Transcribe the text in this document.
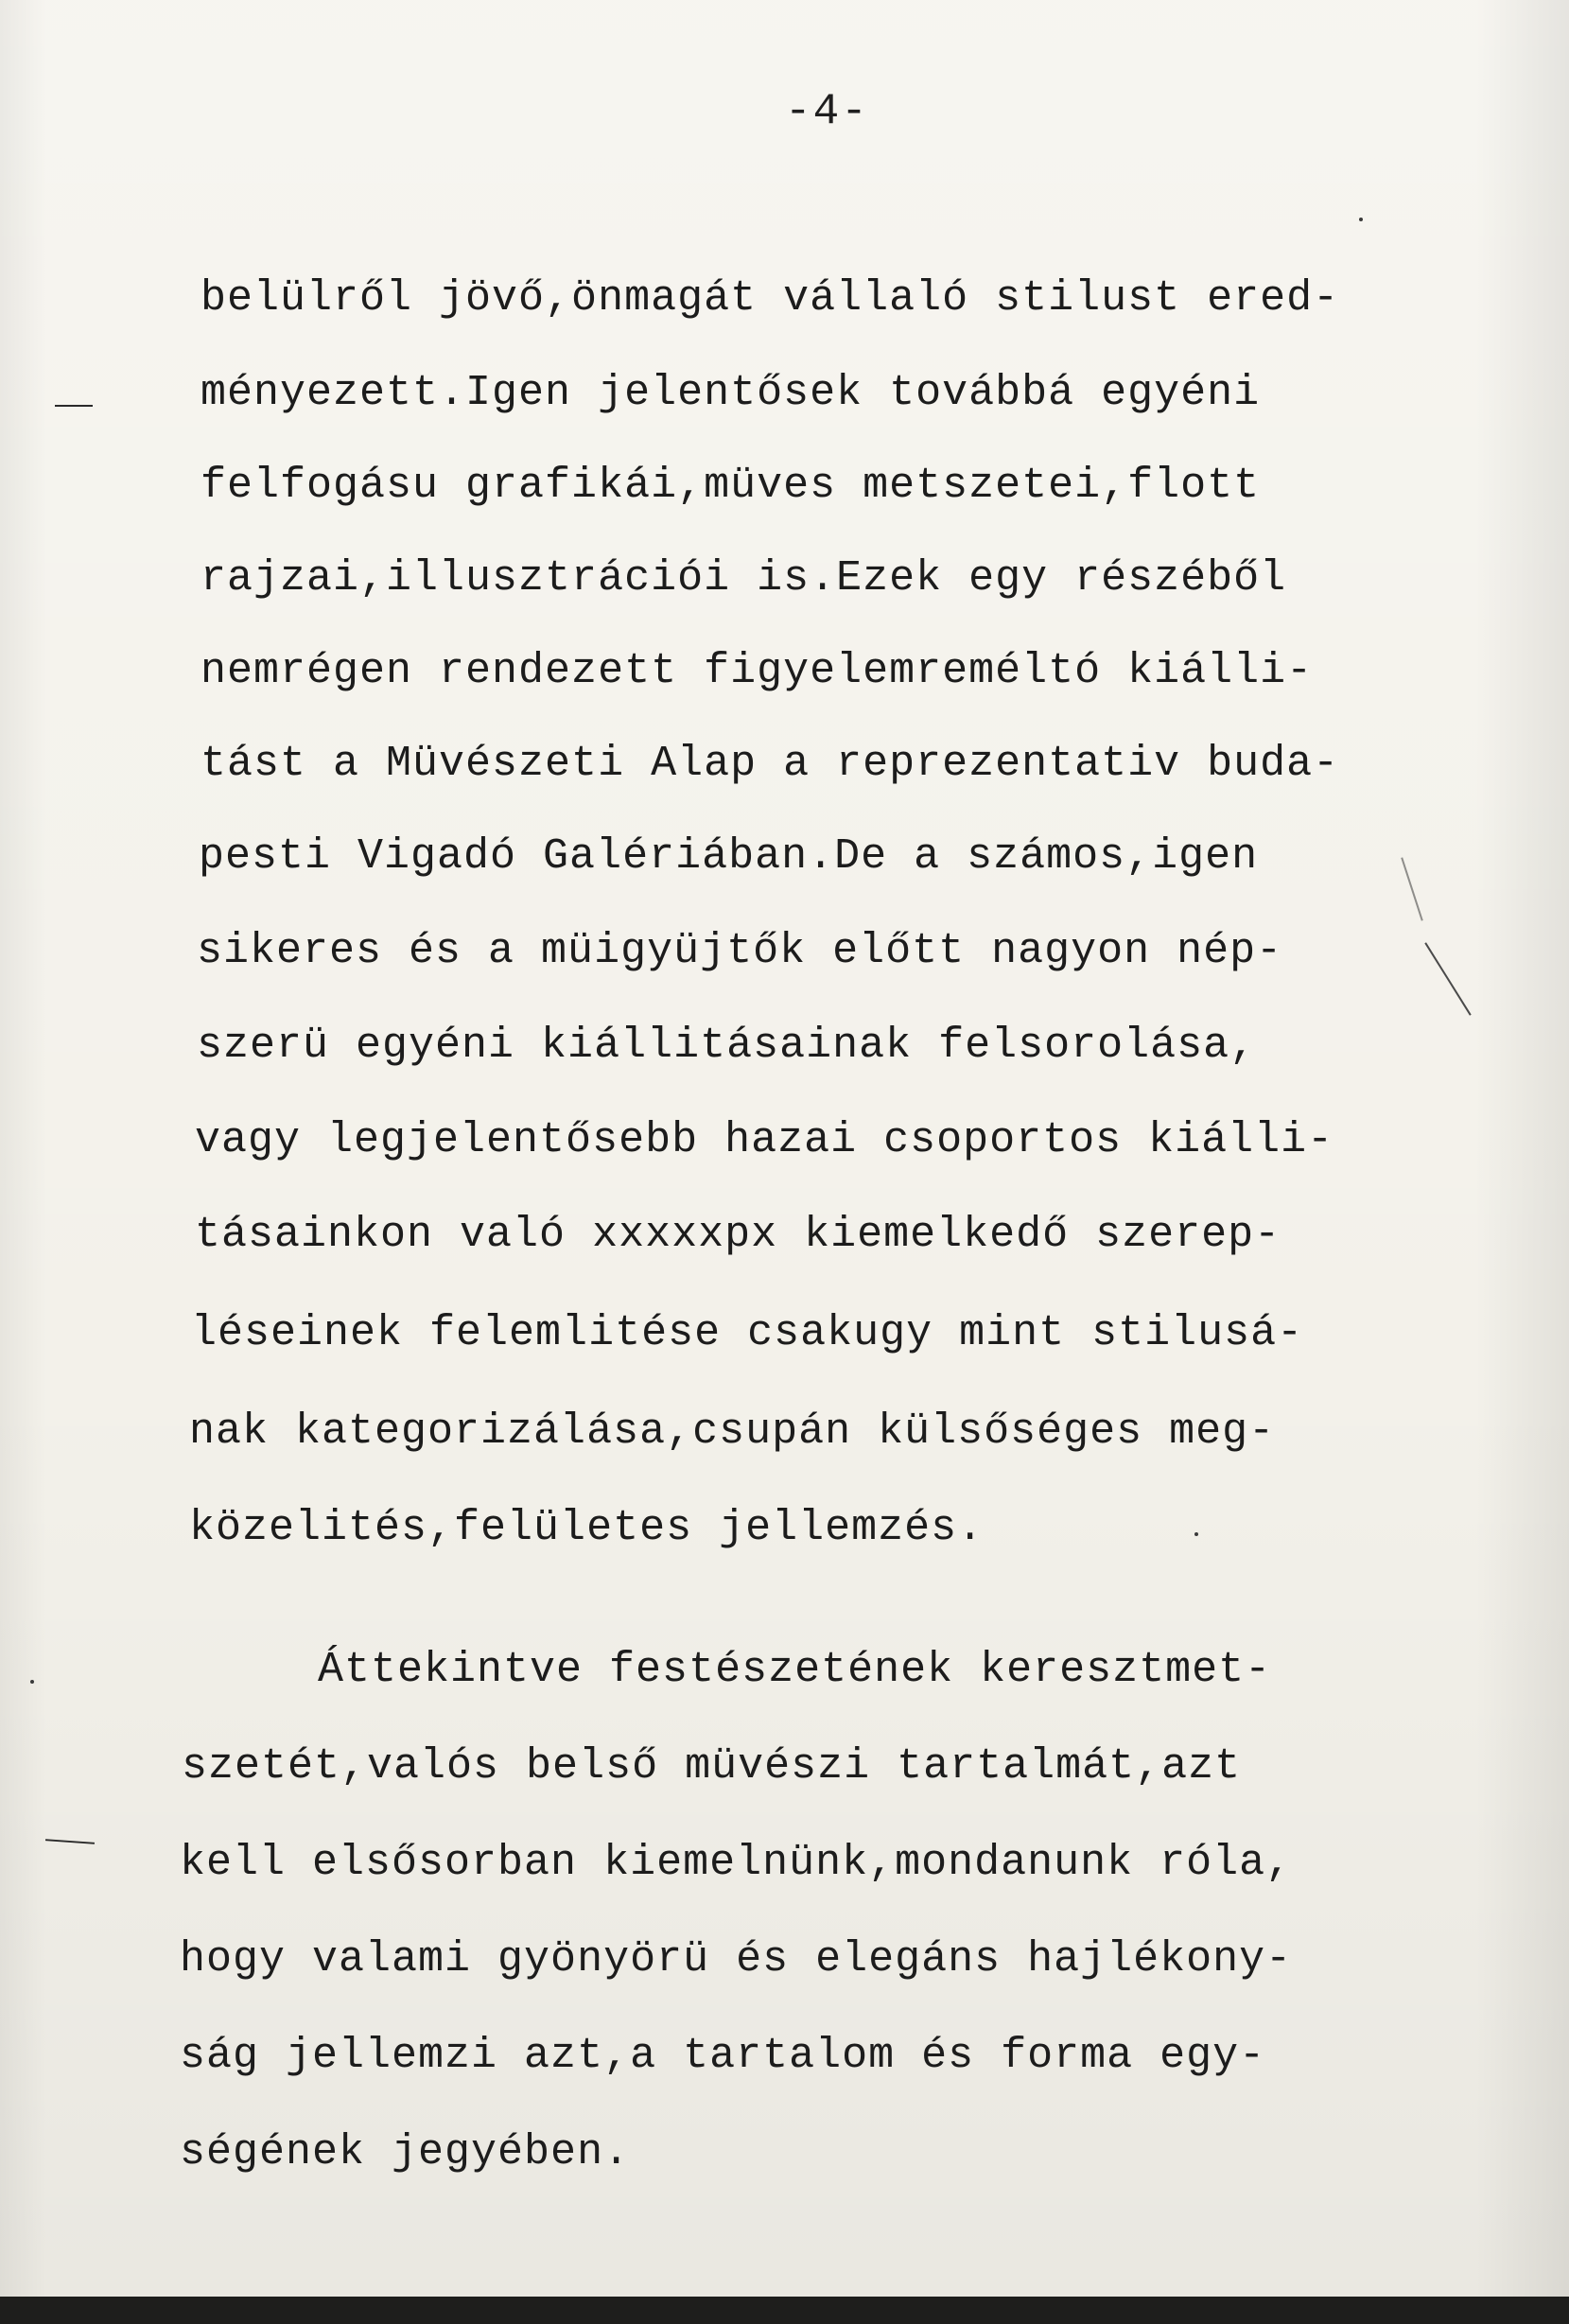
-4-
belülről jövő,önmagát vállaló stilust ered-
ményezett.Igen jelentősek továbbá egyéni
felfogásu grafikái,müves metszetei,flott
rajzai,illusztrációi is.Ezek egy részéből
nemrégen rendezett figyelemreméltó kiálli-
tást a Müvészeti Alap a reprezentativ buda-
pesti Vigadó Galériában.De a számos,igen
sikeres és a müigyüjtők előtt nagyon nép-
szerü egyéni kiállitásainak felsorolása,
vagy legjelentősebb hazai csoportos kiálli-
tásainkon való xxxxxpx kiemelkedő szerep-
léseinek felemlitése csakugy mint stilusá-
nak kategorizálása,csupán külsőséges meg-
közelités,felületes jellemzés.
Áttekintve festészetének keresztmet-
szetét,valós belső müvészi tartalmát,azt
kell elsősorban kiemelnünk,mondanunk róla,
hogy valami gyönyörü és elegáns hajlékony-
ság jellemzi azt,a tartalom és forma egy-
ségének jegyében.
